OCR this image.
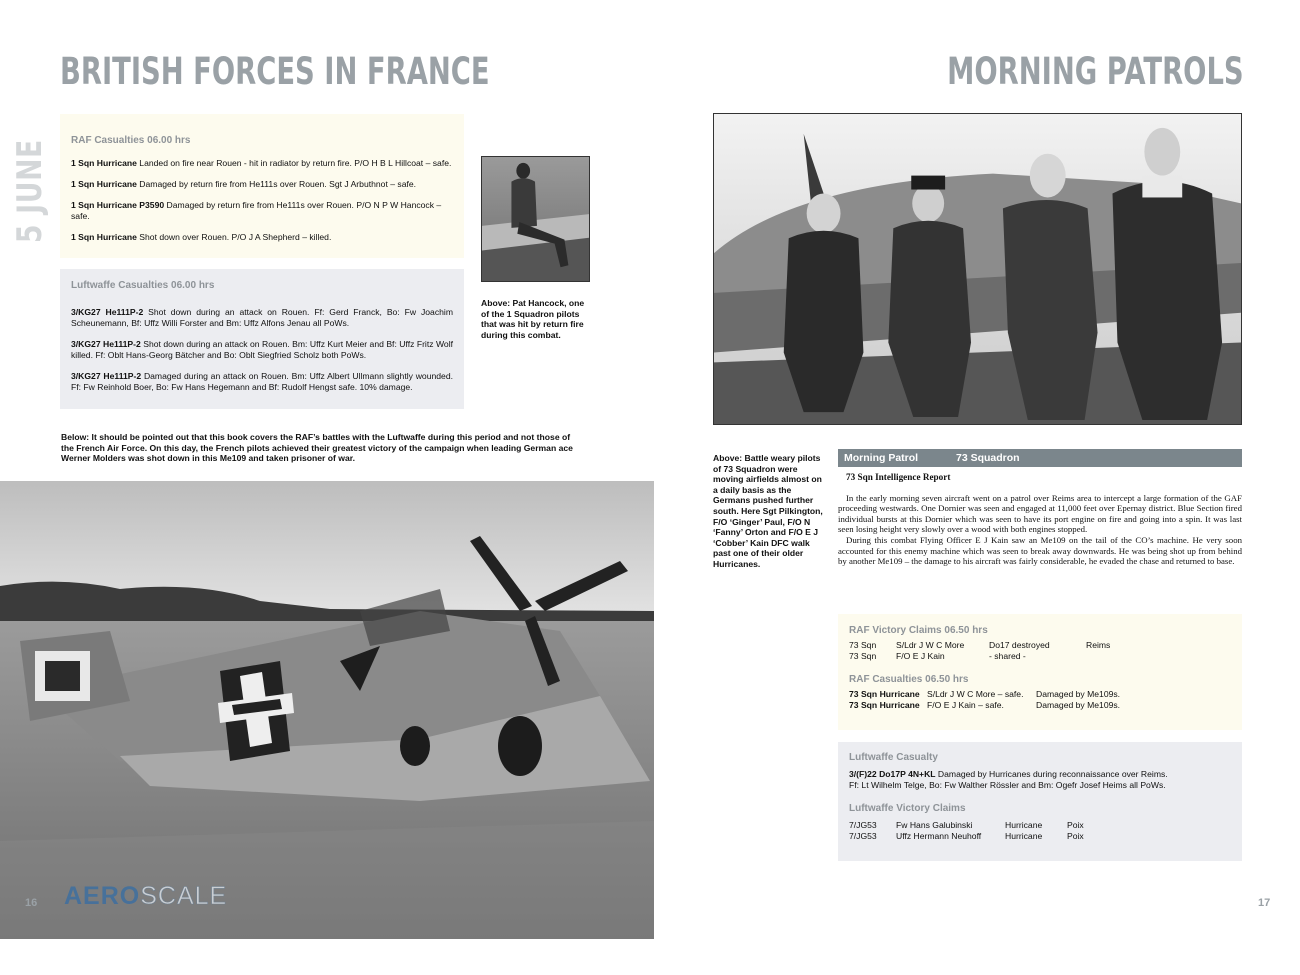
BRITISH FORCES IN FRANCE
5 JUNE RAF Casualties 06.00 hrs
1 Sqn Hurricane Landed on fire near Rouen - hit in radiator by return fire. P/O H B L Hillcoat – safe.
1 Sqn Hurricane Damaged by return fire from He111s over Rouen. Sgt J Arbuthnot – safe.
1 Sqn Hurricane P3590 Damaged by return fire from He111s over Rouen. P/O N P W Hancock – safe.
1 Sqn Hurricane Shot down over Rouen. P/O J A Shepherd – killed.
Luftwaffe Casualties 06.00 hrs
3/KG27 He111P-2 Shot down during an attack on Rouen. Ff: Gerd Franck, Bo: Fw Joachim Scheunemann, Bf: Uffz Willi Forster and Bm: Uffz Alfons Jenau all PoWs.
3/KG27 He111P-2 Shot down during an attack on Rouen. Bm: Uffz Kurt Meier and Bf: Uffz Fritz Wolf killed. Ff: Oblt Hans-Georg Bätcher and Bo: Oblt Siegfried Scholz both PoWs.
3/KG27 He111P-2 Damaged during an attack on Rouen. Bm: Uffz Albert Ullmann slightly wounded. Ff: Fw Reinhold Boer, Bo: Fw Hans Hegemann and Bf: Rudolf Hengst safe. 10% damage.
Above: Pat Hancock, one of the 1 Squadron pilots that was hit by return fire during this combat.
Below: It should be pointed out that this book covers the RAF’s battles with the Luftwaffe during this period and not those of the French Air Force. On this day, the French pilots achieved their greatest victory of the campaign when leading German ace Werner Molders was shot down in this Me109 and taken prisoner of war.
AEROSCALE
16
MORNING PATROLS
Above: Battle weary pilots of 73 Squadron were moving airfields almost on a daily basis as the Germans pushed further south. Here Sgt Pilkington, F/O ‘Ginger’ Paul, F/O N ‘Fanny’ Orton and F/O E J ‘Cobber’ Kain DFC walk past one of their older Hurricanes.
Morning Patrol	73 Squadron
73 Sqn Intelligence Report

In the early morning seven aircraft went on a patrol over Reims area to intercept a large formation of the GAF proceeding westwards. One Dornier was seen and engaged at 11,000 feet over Epernay district. Blue Section fired individual bursts at this Dornier which was seen to have its port engine on fire and going into a spin. It was last seen losing height very slowly over a wood with both engines stopped.

During this combat Flying Officer E J Kain saw an Me109 on the tail of the CO’s machine. He very soon accounted for this enemy machine which was seen to break away downwards. He was being shot up from behind by another Me109 – the damage to his aircraft was fairly considerable, he evaded the chase and returned to base.

RAF Victory Claims 06.50 hrs
73 Sqn	S/Ldr J W C More	Do17 destroyed	Reims
73 Sqn	F/O E J Kain	- shared -
RAF Casualties 06.50 hrs
73 Sqn Hurricane S/Ldr J W C More – safe.	Damaged by Me109s.
73 Sqn Hurricane F/O E J Kain – safe.	Damaged by Me109s.
Luftwaffe Casualty
3/(F)22 Do17P 4N+KL Damaged by Hurricanes during reconnaissance over Reims.
Ff: Lt Wilhelm Telge, Bo: Fw Walther Rössler and Bm: Ogefr Josef Heims all PoWs.
Luftwaffe Victory Claims
7/JG53	Fw Hans Galubinski	Hurricane	Poix
7/JG53	Uffz Hermann Neuhoff	Hurricane	Poix
17
